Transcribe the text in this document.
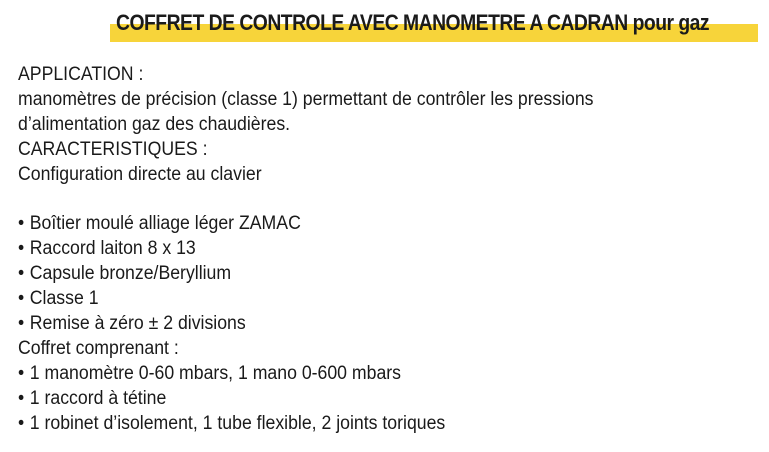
COFFRET DE CONTROLE AVEC MANOMETRE A CADRAN pour gaz
APPLICATION :
manomètres de précision (classe 1) permettant de contrôler les pressions
d’alimentation gaz des chaudières.
CARACTERISTIQUES :
Configuration directe au clavier
• Boîtier moulé alliage léger ZAMAC
• Raccord laiton 8 x 13
• Capsule bronze/Beryllium
• Classe 1
• Remise à zéro ± 2 divisions
Coffret comprenant :
• 1 manomètre 0-60 mbars, 1 mano 0-600 mbars
• 1 raccord à tétine
• 1 robinet d’isolement, 1 tube flexible, 2 joints toriques
